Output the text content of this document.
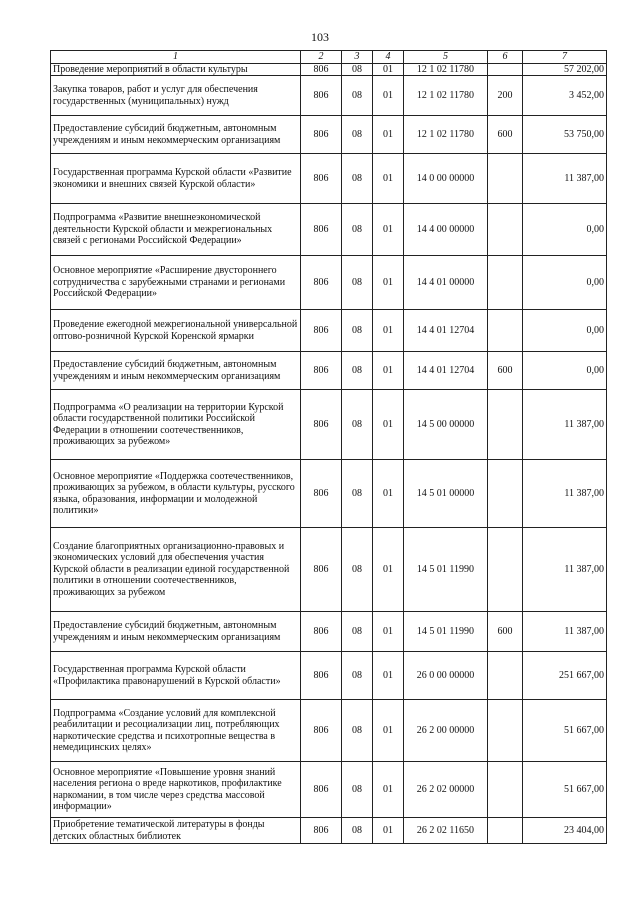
103
1	2	3	4	5	6	7
Проведение мероприятий в области культуры	806	08	01	12 1 02 11780		57 202,00
Закупка товаров, работ и услуг для обеспечения государственных (муниципальных) нужд	806	08	01	12 1 02 11780	200	3 452,00
Предоставление субсидий бюджетным, автономным учреждениям и иным некоммерческим организациям	806	08	01	12 1 02 11780	600	53 750,00
Государственная программа Курской области «Развитие экономики и внешних связей Курской области»	806	08	01	14 0 00 00000		11 387,00
Подпрограмма «Развитие внешнеэкономической деятельности Курской области и межрегиональных связей с регионами Российской Федерации»	806	08	01	14 4 00 00000		0,00
Основное мероприятие «Расширение двустороннего сотрудничества с зарубежными странами и регионами Российской Федерации»	806	08	01	14 4 01 00000		0,00
Проведение ежегодной межрегиональной универсальной оптово-розничной Курской Коренской ярмарки	806	08	01	14 4 01 12704		0,00
Предоставление субсидий бюджетным, автономным учреждениям и иным некоммерческим организациям	806	08	01	14 4 01 12704	600	0,00
Подпрограмма «О реализации на территории Курской области государственной политики Российской Федерации в отношении соотечественников, проживающих за рубежом»	806	08	01	14 5 00 00000		11 387,00
Основное мероприятие «Поддержка соотечественников, проживающих за рубежом, в области культуры, русского языка, образования, информации и молодежной политики»	806	08	01	14 5 01 00000		11 387,00
Создание благоприятных организационно-правовых и экономических условий для обеспечения участия Курской области в реализации единой государственной политики в отношении соотечественников, проживающих за рубежом	806	08	01	14 5 01 11990		11 387,00
Предоставление субсидий бюджетным, автономным учреждениям и иным некоммерческим организациям	806	08	01	14 5 01 11990	600	11 387,00
Государственная программа Курской области «Профилактика правонарушений в Курской области»	806	08	01	26 0 00 00000		251 667,00
Подпрограмма «Создание условий для комплексной реабилитации и ресоциализации лиц, потребляющих наркотические средства и психотропные вещества в немедицинских целях»	806	08	01	26 2 00 00000		51 667,00
Основное мероприятие «Повышение уровня знаний населения региона о вреде наркотиков, профилактике наркомании, в том числе через средства массовой информации»	806	08	01	26 2 02 00000		51 667,00
Приобретение тематической литературы в фонды детских областных библиотек	806	08	01	26 2 02 11650		23 404,00
